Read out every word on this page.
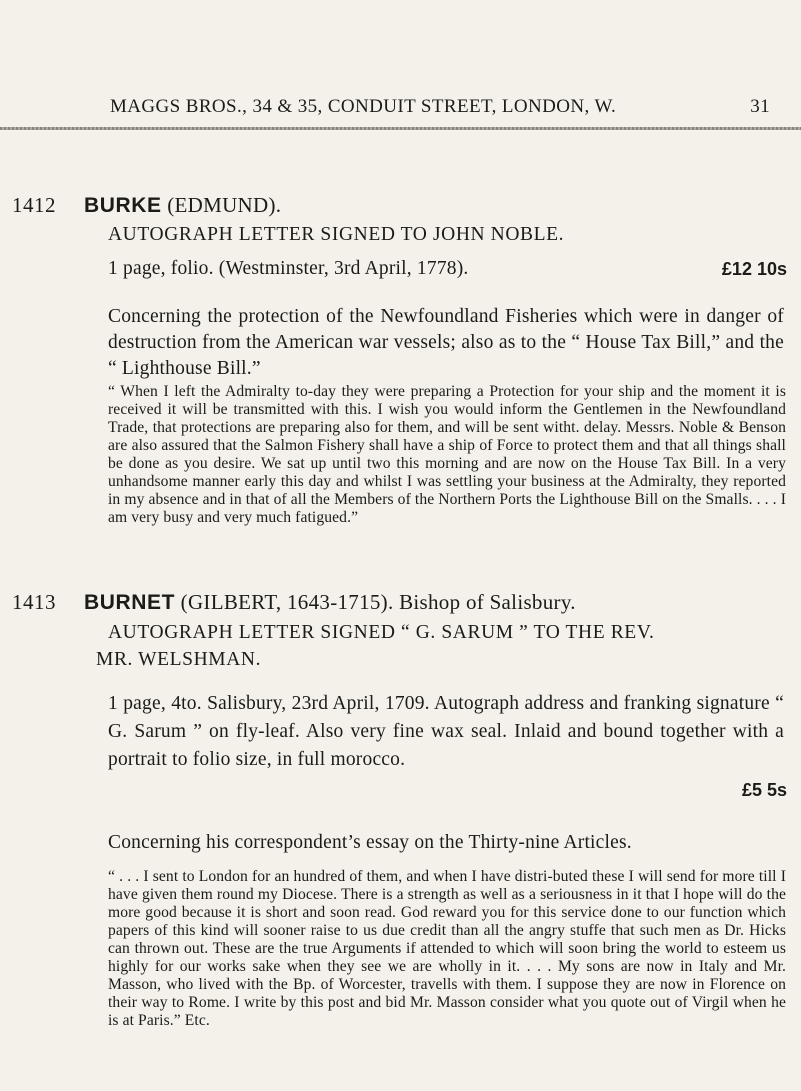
MAGGS BROS., 34 & 35, CONDUIT STREET, LONDON, W.	31
1412 BURKE (EDMUND).
AUTOGRAPH LETTER SIGNED TO JOHN NOBLE.
1 page, folio. (Westminster, 3rd April, 1778).	£12 10s
Concerning the protection of the Newfoundland Fisheries which were in danger of destruction from the American war vessels; also as to the “ House Tax Bill,” and the “ Lighthouse Bill.”
“ When I left the Admiralty to-day they were preparing a Protection for your ship and the moment it is received it will be transmitted with this. I wish you would inform the Gentlemen in the Newfoundland Trade, that protections are preparing also for them, and will be sent witht. delay. Messrs. Noble & Benson are also assured that the Salmon Fishery shall have a ship of Force to protect them and that all things shall be done as you desire. We sat up until two this morning and are now on the House Tax Bill. In a very unhandsome manner early this day and whilst I was settling your business at the Admiralty, they reported in my absence and in that of all the Members of the Northern Ports the Lighthouse Bill on the Smalls. . . . I am very busy and very much fatigued.”
1413 BURNET (GILBERT, 1643-1715). Bishop of Salisbury.
AUTOGRAPH LETTER SIGNED “ G. SARUM ” TO THE REV.
MR. WELSHMAN.
1 page, 4to. Salisbury, 23rd April, 1709. Autograph address and franking signature “ G. Sarum ” on fly-leaf. Also very fine wax seal. Inlaid and bound together with a portrait to folio size, in full morocco.
£5 5s
Concerning his correspondent’s essay on the Thirty-nine Articles.
“ . . . I sent to London for an hundred of them, and when I have distri-buted these I will send for more till I have given them round my Diocese. There is a strength as well as a seriousness in it that I hope will do the more good because it is short and soon read. God reward you for this service done to our function which papers of this kind will sooner raise to us due credit than all the angry stuffe that such men as Dr. Hicks can thrown out. These are the true Arguments if attended to which will soon bring the world to esteem us highly for our works sake when they see we are wholly in it. . . . My sons are now in Italy and Mr. Masson, who lived with the Bp. of Worcester, travells with them. I suppose they are now in Florence on their way to Rome. I write by this post and bid Mr. Masson consider what you quote out of Virgil when he is at Paris.” Etc.
